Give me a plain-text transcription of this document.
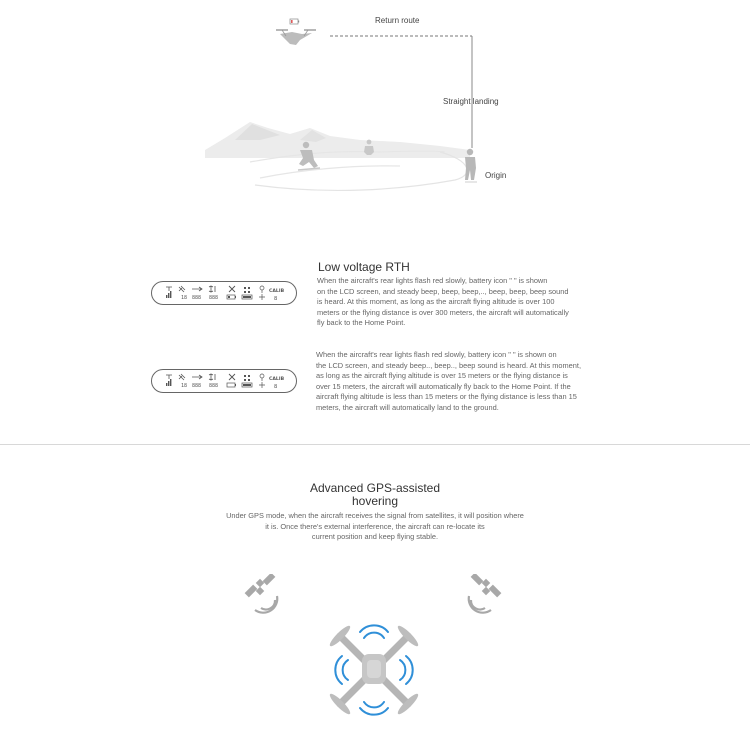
Return route
Straight landing
Origin
Low voltage RTH
When the aircraft's rear lights flash red slowly, battery icon " " is shown
on the LCD screen, and steady beep, beep, beep,.., beep, beep, beep sound
is heard. At this moment, as long as the aircraft flying altitude is over 100
meters or the flying distance is over 300 meters, the aircraft will automatically
fly back to the Home Point.
When the aircraft's rear lights flash red slowly, battery icon " " is shown on
the LCD screen, and steady beep.., beep.., beep sound is heard. At this moment,
as long as the aircraft flying altitude is over 15 meters or the flying distance is
over 15 meters, the aircraft will automatically fly back to the Home Point. If the
aircraft flying altitude is less than 15 meters or the flying distance is less than 15
meters, the aircraft will automatically land to the ground.
18 888 888
CALIB
8
18 888 888
CALIB
8
Advanced GPS-assisted
hovering
Under GPS mode, when the aircraft receives the signal from satellites, it will position where
it is. Once there's external interference, the aircraft can re-locate its
current position and keep flying stable.
